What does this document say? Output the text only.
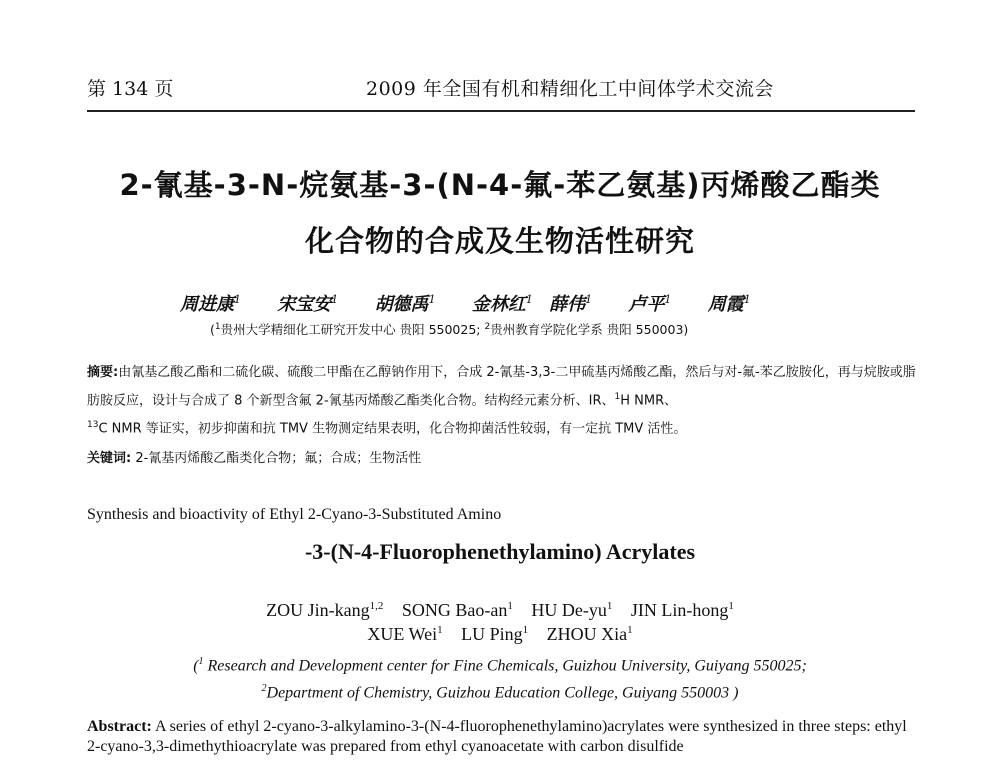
第 134 页	2009 年全国有机和精细化工中间体学术交流会
2-氰基-3-N-烷氨基-3-(N-4-氟-苯乙氨基)丙烯酸乙酯类
化合物的合成及生物活性研究
周进康$^1$ 宋宝安$^1$ 胡德禹$^1$ 金林红$^1$ 薛伟$^1$ 卢平$^1$ 周霞$^1$
($^1$贵州大学精细化工研究开发中心 贵阳 550025; $^2$贵州教育学院化学系 贵阳 550003)
摘要:由氰基乙酸乙酯和二硫化碳、硫酸二甲酯在乙醇钠作用下，合成 2-氰基-3,3-二甲硫基丙烯酸乙酯，然后与对-氟-苯乙胺胺化，再与烷胺或脂肪胺反应，设计与合成了 8 个新型含氟 2-氰基丙烯酸乙酯类化合物。结构经元素分析、IR、$^1$H NMR、
$^{13}$C NMR 等证实，初步抑菌和抗 TMV 生物测定结果表明，化合物抑菌活性较弱，有一定抗 TMV 活性。
关键词: 2-氰基丙烯酸乙酯类化合物；氟；合成；生物活性
Synthesis and bioactivity of Ethyl 2-Cyano-3-Substituted Amino
-3-(N-4-Fluorophenethylamino) Acrylates
ZOU Jin-kang$^{1,2}$ SONG Bao-$an^1$ HU $De-yu^1$ JIN Lin-hong$^1$
XUE Wei$^1$ LU Ping$^1$ ZHOU Xia$^1$
($^1$ Research and Development center for Fine Chemicals, Guizhou University, Guiyang 550025;
$^2$Department of Chemistry, Guizhou Education College, Guiyang 550003 )
Abstract: A series of ethyl 2-cyano-3-alkylamino-3-(N-4-fluorophenethylamino)acrylates were synthesized in three steps: ethyl 2-cyano-3,3-dimethythioacrylate was prepared from ethyl cyanoacetate with carbon disulfide
